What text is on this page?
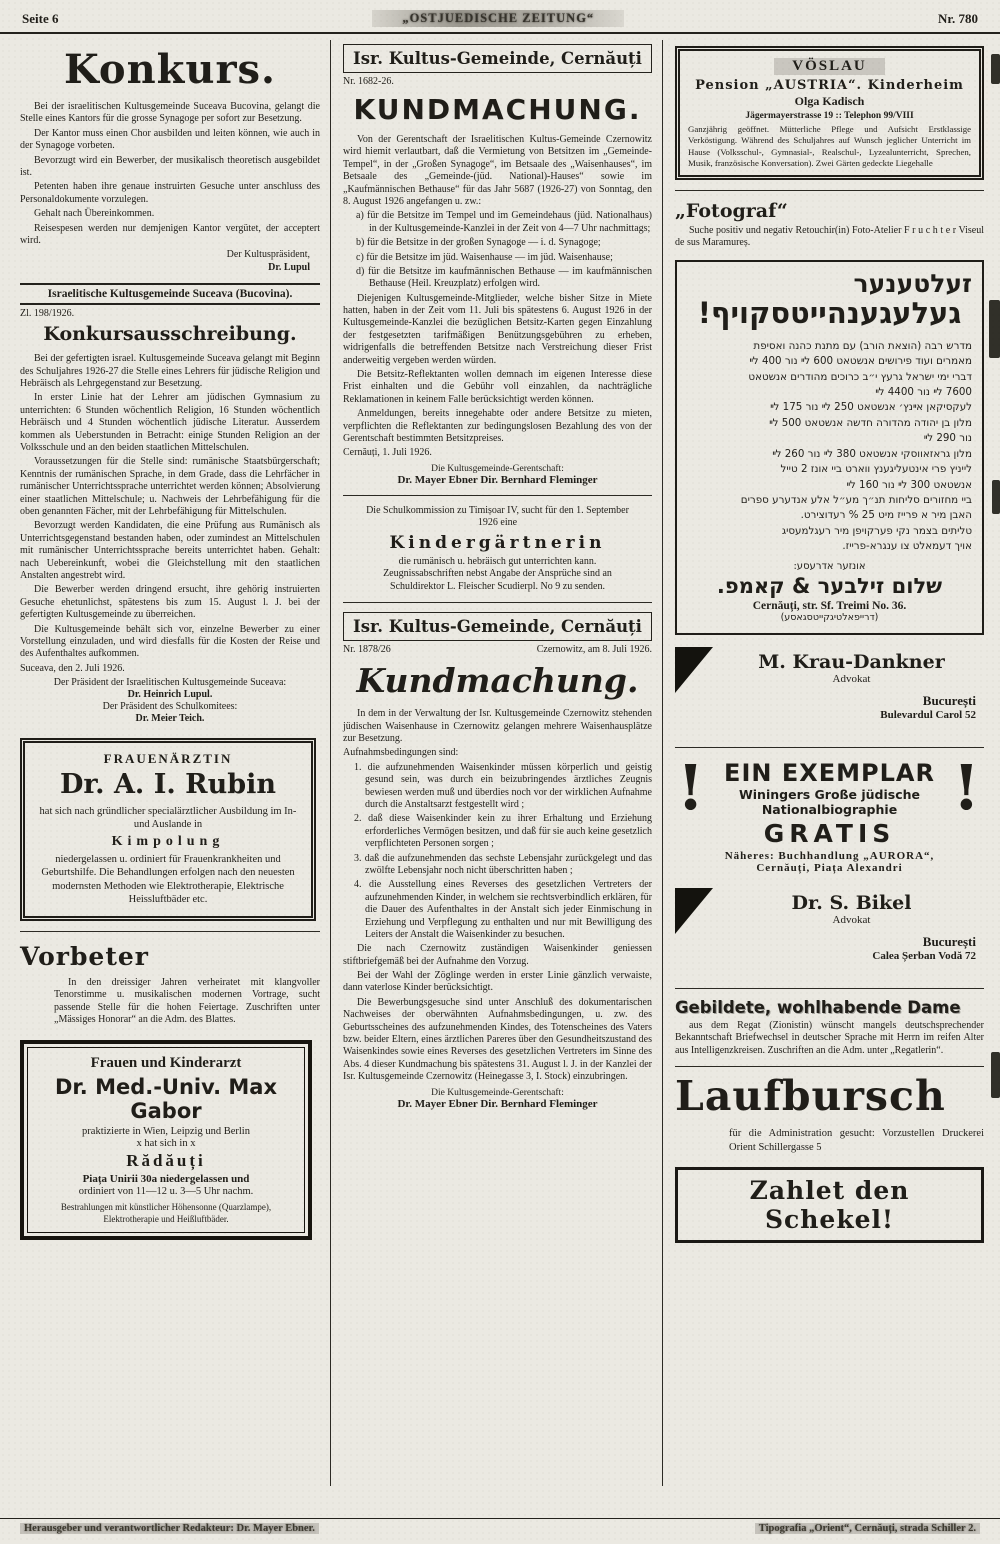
Seite 6	„OSTJUEDISCHE ZEITUNG“	Nr. 780
Konkurs.

Bei der israelitischen Kultusgemeinde Suceava Bucovina, gelangt die Stelle eines Kantors für die grosse Synagoge per sofort zur Besetzung.

Der Kantor muss einen Chor ausbilden und leiten können, wie auch in der Synagoge vorbeten.

Bevorzugt wird ein Bewerber, der musikalisch theoretisch ausgebildet ist.

Petenten haben ihre genaue instruirten Gesuche unter anschluss des Personaldokumente vorzulegen.

Gehalt nach Übereinkommen.

Reisespesen werden nur demjenigen Kantor vergütet, der acceptert wird.

Der Kultuspräsident,

Dr. Lupul

Israelitische Kultusgemeinde Suceava (Bucovina).

Zl. 198/1926.

Konkursausschreibung.

Bei der gefertigten israel. Kultusgemeinde Suceava gelangt mit Beginn des Schuljahres 1926-27 die Stelle eines Lehrers für jüdische Religion und Hebräisch als Lehrgegenstand zur Besetzung.

In erster Linie hat der Lehrer am jüdischen Gymnasium zu unterrichten: 6 Stunden wöchentlich Religion, 16 Stunden wöchentlich Hebräisch und 4 Stunden wöchentlich jüdische Literatur. Ausserdem kommen als Ueberstunden in Betracht: einige Stunden Religion an der Volksschule und an den beiden staatlichen Mittelschulen.

Voraussetzungen für die Stelle sind: rumänische Staatsbürgerschaft; Kenntnis der rumänischen Sprache, in dem Grade, dass die Lehrfächer in rumänischer Unterrichtssprache unterrichtet werden können; Absolvierung einer staatlichen Mittelschule; u. Nachweis der Lehrbefähigung für die oben genannten Fächer, mit der Lehrbefähigung für Mittelschulen.

Bevorzugt werden Kandidaten, die eine Prüfung aus Rumänisch als Unterrichtsgegenstand bestanden haben, oder zumindest an Mittelschulen mit rumänischer Unterrichtssprache bereits unterrichtet haben. Gehalt: nach Uebereinkunft, wobei die Gleichstellung mit den staatlichen Anstalten angestrebt wird.

Die Bewerber werden dringend ersucht, ihre gehörig instruierten Gesuche ehetunlichst, spätestens bis zum 15. August l. J. bei der gefertigten Kultusgemeinde zu überreichen.

Die Kultusgemeinde behält sich vor, einzelne Bewerber zu einer Vorstellung einzuladen, und wird diesfalls für die Kosten der Reise und des Aufenthaltes aufkommen.

Suceava, den 2. Juli 1926.

Der Präsident der Israelitischen Kultusgemeinde Suceava:

Dr. Heinrich Lupul.

Der Präsident des Schulkomitees:

Dr. Meier Teich.

FRAUENÄRZTIN
Dr. A. I. Rubin

hat sich nach gründlicher specialärztlicher Ausbildung im In- und Auslande in

Kimpolung

niedergelassen u. ordiniert für Frauenkrankheiten und Geburtshilfe. Die Behandlungen erfolgen nach den neuesten modernsten Methoden wie Elektrotherapie, Elektrische Heissluftbäder etc.

Vorbeter

In den dreissiger Jahren verheiratet mit klangvoller Tenorstimme u. musikalischen modernen Vortrage, sucht passende Stelle für die hohen Feiertage. Zuschriften unter „Mässiges Honorar“ an die Adm. des Blattes.

Frauen und Kinderarzt
Dr. Med.-Univ. Max Gabor
praktizierte in Wien, Leipzig und Berlin
x hat sich in x
Rădăuți
Piața Unirii 30a niedergelassen und
ordiniert von 11—12 u. 3—5 Uhr nachm.
Bestrahlungen mit künstlicher Höhensonne (Quarzlampe), Elektrotherapie und Heißluftbäder.
Isr. Kultus-Gemeinde, Cernăuți

Nr. 1682-26.

KUNDMACHUNG.

Von der Gerentschaft der Israelitischen Kultus-Gemeinde Czernowitz wird hiemit verlautbart, daß die Vermietung von Betsitzen im „Gemeinde-Tempel“, in der „Großen Synagoge“, im Betsaale des „Waisenhauses“, im Betsaale des „Gemeinde-(jüd. National)-Hauses“ sowie im „Kaufmännischen Bethause“ für das Jahr 5687 (1926-27) von Sonntag, den 8. August 1926 angefangen u. zw.:

a) für die Betsitze im Tempel und im Gemeindehaus (jüd. Nationalhaus) in der Kultusgemeinde-Kanzlei in der Zeit von 4—7 Uhr nachmittags;

b) für die Betsitze in der großen Synagoge — i. d. Synagoge;

c) für die Betsitze im jüd. Waisenhause — im jüd. Waisenhause;

d) für die Betsitze im kaufmännischen Bethause — im kaufmännischen Bethause (Heil. Kreuzplatz) erfolgen wird.

Diejenigen Kultusgemeinde-Mitglieder, welche bisher Sitze in Miete hatten, haben in der Zeit vom 11. Juli bis spätestens 6. August 1926 in der Kultusgemeinde-Kanzlei die bezüglichen Betsitz-Karten gegen Einzahlung der festgesetzten tarifmäßigen Benützungsgebühren zu erheben, widrigenfalls die betreffenden Betsitze nach Verstreichung dieser Frist anderweitig vergeben werden würden.

Die Betsitz-Reflektanten wollen demnach im eigenen Interesse diese Frist einhalten und die Gebühr voll einzahlen, da nachträgliche Reklamationen in keinem Falle berücksichtigt werden können.

Anmeldungen, bereits innegehabte oder andere Betsitze zu mieten, verpflichten die Reflektanten zur bedingungslosen Bezahlung des von der Gerentschaft bestimmten Betsitzpreises.

Cernăuți, 1. Juli 1926.

Die Kultusgemeinde-Gerentschaft:

Dr. Mayer Ebner Dir. Bernhard Fleminger

Die Schulkommission zu Timișoar IV, sucht für den 1. September 1926 eine

Kindergärtnerin

die rumänisch u. hebräisch gut unterrichten kann. Zeugnissabschriften nebst Angabe der Ansprüche sind an Schuldirektor L. Fleischer Scudierpl. No 9 zu senden.

Isr. Kultus-Gemeinde, Cernăuți
Nr. 1878/26	Czernowitz, am 8. Juli 1926.
Kundmachung.

In dem in der Verwaltung der Isr. Kultusgemeinde Czernowitz stehenden jüdischen Waisenhause in Czernowitz gelangen mehrere Waisenhausplätze zur Besetzung.

Aufnahmsbedingungen sind:

1. die aufzunehmenden Waisenkinder müssen körperlich und geistig gesund sein, was durch ein beizubringendes ärztliches Zeugnis bewiesen werden muß und überdies noch vor der wirklichen Aufnahme durch die Anstaltsarzt festgestellt wird ;

2. daß diese Waisenkinder kein zu ihrer Erhaltung und Erziehung erforderliches Vermögen besitzen, und daß für sie auch keine gesetzlich verpflichteten Personen sorgen ;

3. daß die aufzunehmenden das sechste Lebensjahr zurückgelegt und das zwölfte Lebensjahr noch nicht überschritten haben ;

4. die Ausstellung eines Reverses des gesetzlichen Vertreters der aufzunehmenden Kinder, in welchem sie rechtsverbindlich erklären, für die Dauer des Aufenthaltes in der Anstalt sich jeder Einmischung in Erziehung und Verpflegung zu enthalten und nur mit Bewilligung des Leiters der Anstalt die Waisenkinder zu besuchen.

Die nach Czernowitz zuständigen Waisenkinder geniessen stiftbriefgemäß bei der Aufnahme den Vorzug.

Bei der Wahl der Zöglinge werden in erster Linie gänzlich verwaiste, dann vaterlose Kinder berücksichtigt.

Die Bewerbungsgesuche sind unter Anschluß des dokumentarischen Nachweises der oberwähnten Aufnahmsbedingungen, u. zw. des Geburtsscheines des aufzunehmenden Kindes, des Totenscheines des Vaters bzw. beider Eltern, eines ärztlichen Pareres über den Gesundheitszustand des Waisenkindes sowie eines Reverses des gesetzlichen Vertreters im Sinne des Abs. 4 dieser Kundmachung bis spätestens 31. August l. J. in der Kanzlei der Isr. Kultusgemeinde Czernowitz (Heinegasse 3, I. Stock) einzubringen.

Die Kultusgemeinde-Gerentschaft:

Dr. Mayer Ebner Dir. Bernhard Fleminger

VÖSLAU
Pension „AUSTRIA“. Kinderheim
Olga Kadisch
Jägermayerstrasse 19 :: Telephon 99/VIII

Ganzjährig geöffnet. Mütterliche Pflege und Aufsicht Erstklassige Verköstigung. Während des Schuljahres auf Wunsch jeglicher Unterricht im Hause (Volksschul-, Gymnasial-, Realschul-, Lyzealunterricht, Sprechen, Musik, französische Konversation). Zwei Gärten gedeckte Liegehalle

„Fotograf“

Suche positiv und negativ Retouchir(in) Foto-Atelier F r u c h t e r Viseul de sus Maramureș.

זעלטענער
געלעגענהייטסקויף!
מדרש רבה (הוצאת הורב) עם מתנת כהנה ואסיפת
מאמרים ועוד פירושים אנשטאט 600 לײ נור 400 לײ
דברי ימי ישראל גרעץ י״ב כרוכים מהודרים אנשטאט
7600 לײ נור 4400 לײ
לעקסיקאן אײנץ׳ אנשטאט 250 לײ נור 175 לײ
מלון בן יהודה מהדורה חדשה אנשטאט 500 לײ
נור 290 לײ
מלון גראזאווסקי אנשטאט 380 לײ נור 260 לײ
לייניץ פרי אינטעליגענץ ווארט ביי אונז 2 טייל
אנשטאט 300 לײ נור 160 לײ
ביי מחזורים סליחות תנ״ך מע״ל אלע אנדערע ספרים
האבן מיר א פרייז מיט 25 % רעדוצירט.
טליתים בצמר נקי פערקויפן מיר רעגלמעסיג
אויך דעמאלט צו ענגרא-פרייז.
אונזער אדרעסע:
שלום זילבער & קאמפ.
Cernăuți, str. Sf. Treimi No. 36.
(דרייפאלטיגקייטסגאסע)
M. Krau-Dankner
Advokat
București
Bulevardul Carol 52
!	!
EIN EXEMPLAR
Winingers Große jüdische
Nationalbiographie
GRATIS
Näheres: Buchhandlung „AURORA“,
Cernăuți, Piața Alexandri
Dr. S. Bikel
Advokat
București
Calea Șerban Vodă 72
Gebildete, wohlhabende Dame

aus dem Regat (Zionistin) wünscht mangels deutschsprechender Bekanntschaft Briefwechsel in deutscher Sprache mit Herrn im reifen Alter aus Intelligenzkreisen. Zuschriften an die Adm. unter „Regatlerin“.

Laufbursch

für die Administration gesucht: Vorzustellen Druckerei Orient Schillergasse 5

Zahlet den Schekel!
Herausgeber und verantwortlicher Redakteur: Dr. Mayer Ebner.	Tipografia „Orient“, Cernăuți, strada Schiller 2.
